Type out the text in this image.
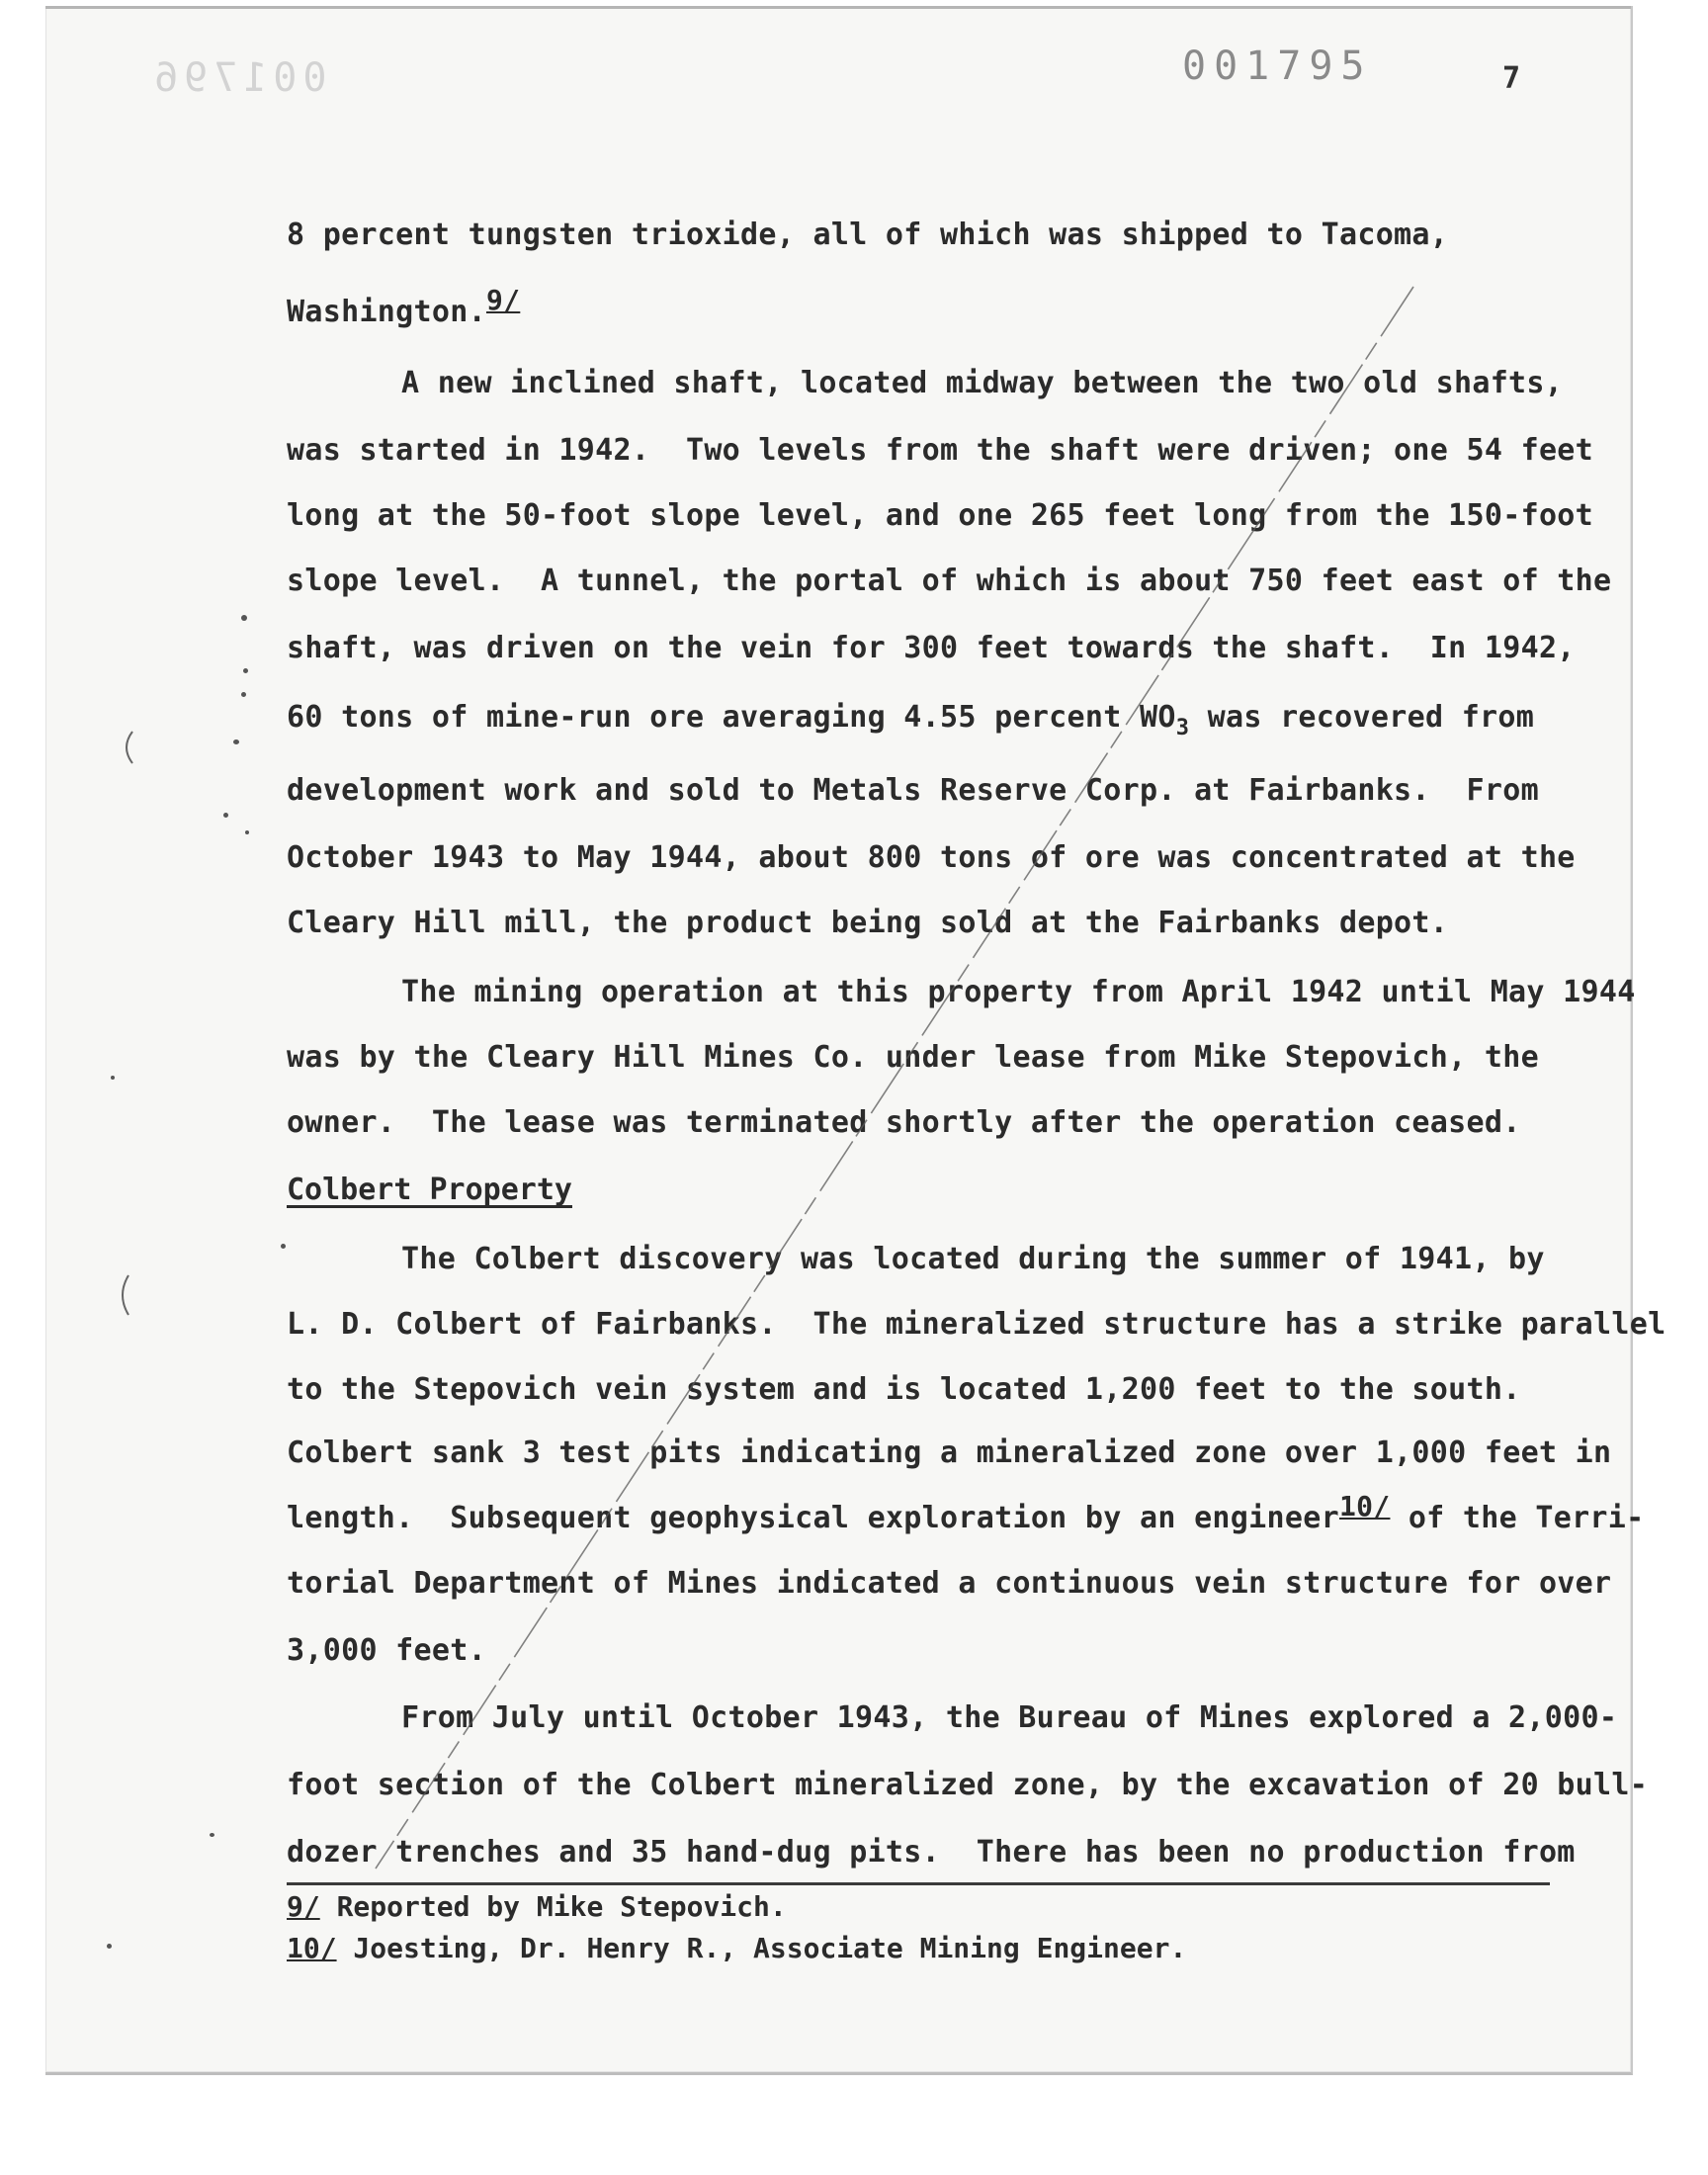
001796	001795	7
8 percent tungsten trioxide, all of which was shipped to Tacoma,
Washington.9/
A new inclined shaft, located midway between the two old shafts,
was started in 1942.  Two levels from the shaft were driven; one 54 feet
long at the 50-foot slope level, and one 265 feet long from the 150-foot
slope level.  A tunnel, the portal of which is about 750 feet east of the
shaft, was driven on the vein for 300 feet towards the shaft.  In 1942,
60 tons of mine-run ore averaging 4.55 percent $WO_3$ was recovered from
development work and sold to Metals Reserve Corp. at Fairbanks.  From
October 1943 to May 1944, about 800 tons of ore was concentrated at the
Cleary Hill mill, the product being sold at the Fairbanks depot.
The mining operation at this property from April 1942 until May 1944
was by the Cleary Hill Mines Co. under lease from Mike Stepovich, the
owner.  The lease was terminated shortly after the operation ceased.
Colbert Property
The Colbert discovery was located during the summer of 1941, by
L. D. Colbert of Fairbanks.  The mineralized structure has a strike parallel
to the Stepovich vein system and is located 1,200 feet to the south.
Colbert sank 3 test pits indicating a mineralized zone over 1,000 feet in
length.  Subsequent geophysical exploration by an engineer10/ of the Terri-
torial Department of Mines indicated a continuous vein structure for over
3,000 feet.
From July until October 1943, the Bureau of Mines explored a 2,000-
foot section of the Colbert mineralized zone, by the excavation of 20 bull-
dozer trenches and 35 hand-dug pits.  There has been no production from
9/ Reported by Mike Stepovich.
10/ Joesting, Dr. Henry R., Associate Mining Engineer.
